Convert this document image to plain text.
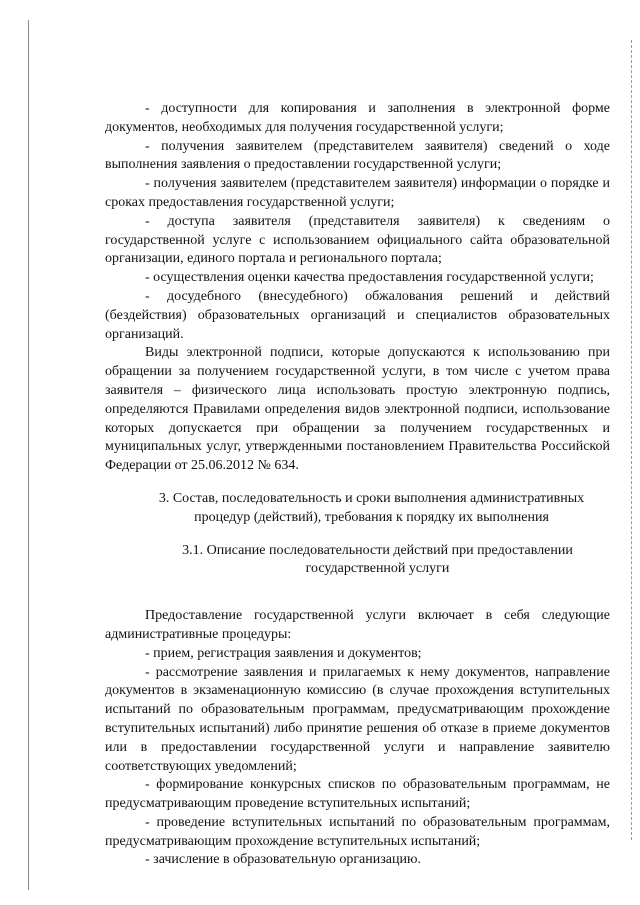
- доступности для копирования и заполнения в электронной форме документов, необходимых для получения государственной услуги;

- получения заявителем (представителем заявителя) сведений о ходе выполнения заявления о предоставлении государственной услуги;

- получения заявителем (представителем заявителя) информации о порядке и сроках предоставления государственной услуги;

- доступа заявителя (представителя заявителя) к сведениям о государственной услуге с использованием официального сайта образовательной организации, единого портала и регионального портала;

- осуществления оценки качества предоставления государственной услуги;

- досудебного (внесудебного) обжалования решений и действий (бездействия) образовательных организаций и специалистов образовательных организаций.

Виды электронной подписи, которые допускаются к использованию при обращении за получением государственной услуги, в том числе с учетом права заявителя – физического лица использовать простую электронную подпись, определяются Правилами определения видов электронной подписи, использование которых допускается при обращении за получением государственных и муниципальных услуг, утвержденными постановлением Правительства Российской Федерации от 25.06.2012 № 634.

3. Состав, последовательность и сроки выполнения административных процедур (действий), требования к порядку их выполнения

3.1. Описание последовательности действий при предоставлении государственной услуги

Предоставление государственной услуги включает в себя следующие административные процедуры:

- прием, регистрация заявления и документов;

- рассмотрение заявления и прилагаемых к нему документов, направление документов в экзаменационную комиссию (в случае прохождения вступительных испытаний по образовательным программам, предусматривающим прохождение вступительных испытаний) либо принятие решения об отказе в приеме документов или в предоставлении государственной услуги и направление заявителю соответствующих уведомлений;

- формирование конкурсных списков по образовательным программам, не предусматривающим проведение вступительных испытаний;

- проведение вступительных испытаний по образовательным программам, предусматривающим прохождение вступительных испытаний;

- зачисление в образовательную организацию.
